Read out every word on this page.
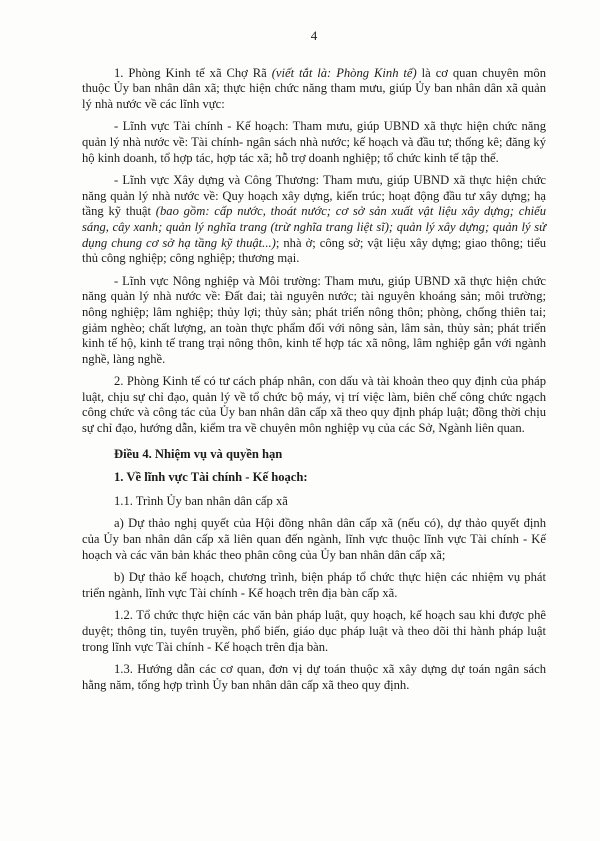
4

1. Phòng Kinh tế xã Chợ Rã (viết tắt là: Phòng Kinh tế) là cơ quan chuyên môn thuộc Ủy ban nhân dân xã; thực hiện chức năng tham mưu, giúp Ủy ban nhân dân xã quản lý nhà nước về các lĩnh vực:

- Lĩnh vực Tài chính - Kế hoạch: Tham mưu, giúp UBND xã thực hiện chức năng quản lý nhà nước về: Tài chính- ngân sách nhà nước; kế hoạch và đầu tư; thống kê; đăng ký hộ kinh doanh, tổ hợp tác, hợp tác xã; hỗ trợ doanh nghiệp; tổ chức kinh tế tập thể.

- Lĩnh vực Xây dựng và Công Thương: Tham mưu, giúp UBND xã thực hiện chức năng quản lý nhà nước về: Quy hoạch xây dựng, kiến trúc; hoạt động đầu tư xây dựng; hạ tầng kỹ thuật (bao gồm: cấp nước, thoát nước; cơ sở sản xuất vật liệu xây dựng; chiếu sáng, cây xanh; quản lý nghĩa trang (trừ nghĩa trang liệt sĩ); quản lý xây dựng; quản lý sử dụng chung cơ sở hạ tầng kỹ thuật...); nhà ở; công sở; vật liệu xây dựng; giao thông; tiểu thủ công nghiệp; công nghiệp; thương mại.

- Lĩnh vực Nông nghiệp và Môi trường: Tham mưu, giúp UBND xã thực hiện chức năng quản lý nhà nước về: Đất đai; tài nguyên nước; tài nguyên khoáng sản; môi trường; nông nghiệp; lâm nghiệp; thủy lợi; thủy sản; phát triển nông thôn; phòng, chống thiên tai; giảm nghèo; chất lượng, an toàn thực phẩm đối với nông sản, lâm sản, thủy sản; phát triển kinh tế hộ, kinh tế trang trại nông thôn, kinh tế hợp tác xã nông, lâm nghiệp gắn với ngành nghề, làng nghề.

2. Phòng Kinh tế có tư cách pháp nhân, con dấu và tài khoản theo quy định của pháp luật, chịu sự chỉ đạo, quản lý về tổ chức bộ máy, vị trí việc làm, biên chế công chức ngạch công chức và công tác của Ủy ban nhân dân cấp xã theo quy định pháp luật; đồng thời chịu sự chỉ đạo, hướng dẫn, kiểm tra về chuyên môn nghiệp vụ của các Sở, Ngành liên quan.

Điều 4. Nhiệm vụ và quyền hạn
1. Về lĩnh vực Tài chính - Kế hoạch:

1.1. Trình Ủy ban nhân dân cấp xã

a) Dự thảo nghị quyết của Hội đồng nhân dân cấp xã (nếu có), dự thảo quyết định của Ủy ban nhân dân cấp xã liên quan đến ngành, lĩnh vực thuộc lĩnh vực Tài chính - Kế hoạch và các văn bản khác theo phân công của Ủy ban nhân dân cấp xã;

b) Dự thảo kế hoạch, chương trình, biện pháp tổ chức thực hiện các nhiệm vụ phát triển ngành, lĩnh vực Tài chính - Kế hoạch trên địa bàn cấp xã.

1.2. Tổ chức thực hiện các văn bản pháp luật, quy hoạch, kế hoạch sau khi được phê duyệt; thông tin, tuyên truyền, phổ biến, giáo dục pháp luật và theo dõi thi hành pháp luật trong lĩnh vực Tài chính - Kế hoạch trên địa bàn.

1.3. Hướng dẫn các cơ quan, đơn vị dự toán thuộc xã xây dựng dự toán ngân sách hằng năm, tổng hợp trình Ủy ban nhân dân cấp xã theo quy định.
